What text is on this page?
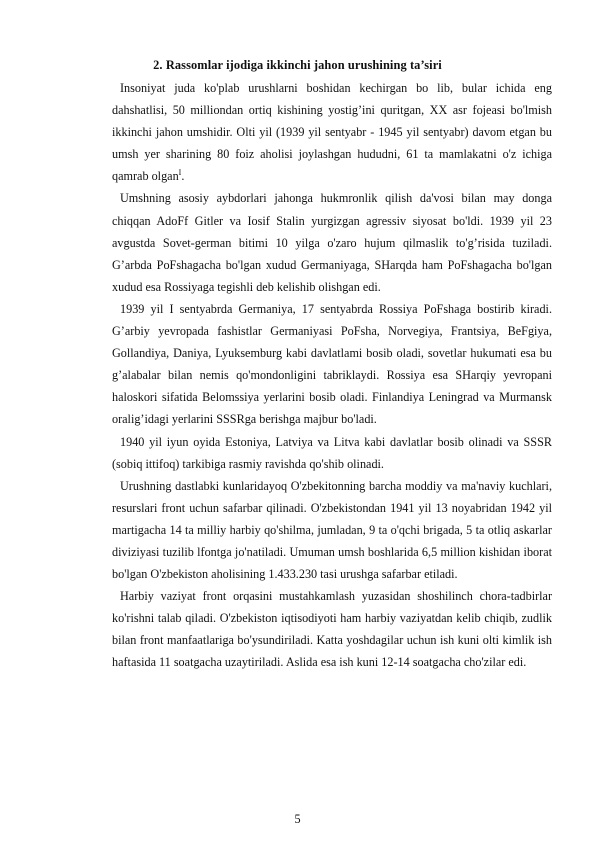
2. Rassomlar ijodiga ikkinchi jahon urushining ta’siri

Insoniyat juda ko'plab urushlarni boshidan kechirgan bo lib, bular ichida eng dahshatlisi, 50 milliondan ortiq kishining yostig’ini quritgan, XX asr fojeasi bo'lmish ikkinchi jahon umshidir. Olti yil (1939 yil sentyabr - 1945 yil sentyabr) davom etgan bu umsh yer sharining 80 foiz aholisi joylashgan hududni, 61 ta mamlakatni o'z ichiga qamrab olgan$^I$.

Umshning asosiy aybdorlari jahonga hukmronlik qilish da'vosi bilan may donga chiqqan AdoFf Gitler va Iosif Stalin yurgizgan agressiv siyosat bo'ldi. 1939 yil 23 avgustda Sovet-german bitimi 10 yilga o'zaro hujum qilmaslik to'g’risida tuziladi. G’arbda PoFshagacha bo'lgan xudud Germaniyaga, SHarqda ham PoFshagacha bo'lgan xudud esa Rossiyaga tegishli deb kelishib olishgan edi.

1939 yil I sentyabrda Germaniya, 17 sentyabrda Rossiya PoFshaga bostirib kiradi. G’arbiy yevropada fashistlar Germaniyasi PoFsha, Norvegiya, Frantsiya, BeFgiya, Gollandiya, Daniya, Lyuksemburg kabi davlatlami bosib oladi, sovetlar hukumati esa bu g’alabalar bilan nemis qo'mondonligini tabriklaydi. Rossiya esa SHarqiy yevropani haloskori sifatida Belomssiya yerlarini bosib oladi. Finlandiya Leningrad va Murmansk oralig’idagi yerlarini SSSRga berishga majbur bo'ladi.

1940 yil iyun oyida Estoniya, Latviya va Litva kabi davlatlar bosib olinadi va SSSR (sobiq ittifoq) tarkibiga rasmiy ravishda qo'shib olinadi.

Urushning dastlabki kunlaridayoq O'zbekitonning barcha moddiy va ma'naviy kuchlari, resurslari front uchun safarbar qilinadi. O'zbekistondan 1941 yil 13 noyabridan 1942 yil martigacha 14 ta milliy harbiy qo'shilma, jumladan, 9 ta o'qchi brigada, 5 ta otliq askarlar diviziyasi tuzilib lfontga jo'natiladi. Umuman umsh boshlarida 6,5 million kishidan iborat bo'lgan O'zbekiston aholisining 1.433.230 tasi urushga safarbar etiladi.

Harbiy vaziyat front orqasini mustahkamlash yuzasidan shoshilinch chora-tadbirlar ko'rishni talab qiladi. O'zbekiston iqtisodiyoti ham harbiy vaziyatdan kelib chiqib, zudlik bilan front manfaatlariga bo'ysundiriladi. Katta yoshdagilar uchun ish kuni olti kimlik ish haftasida 11 soatgacha uzaytiriladi. Aslida esa ish kuni 12-14 soatgacha cho'zilar edi.

5
